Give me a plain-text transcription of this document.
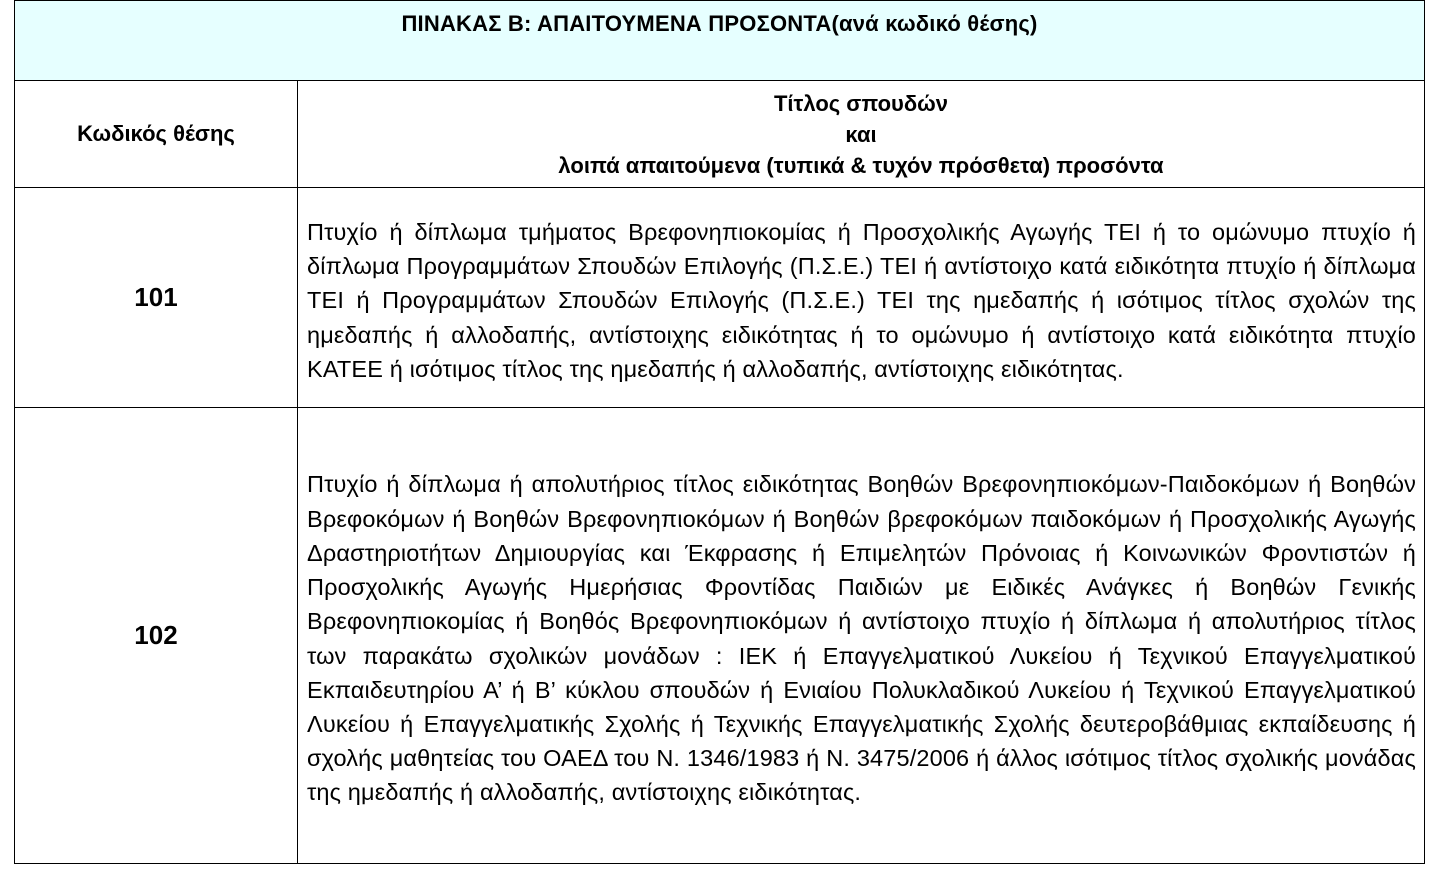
ΠΙΝΑΚΑΣ Β: ΑΠΑΙΤΟΥΜΕΝΑ ΠΡΟΣΟΝΤΑ(ανά κωδικό θέσης)	

Κωδικός θέσης	Τίτλος σπουδών
και
λοιπά απαιτούμενα (τυπικά & τυχόν πρόσθετα) προσόντα

101	Πτυχίο ή δίπλωμα τμήματος Βρεφονηπιοκομίας ή Προσχολικής Αγωγής ΤΕΙ ή το ομώνυμο πτυχίο ή δίπλωμα Προγραμμάτων Σπουδών Επιλογής (Π.Σ.Ε.) ΤΕΙ ή αντίστοιχο κατά ειδικότητα πτυχίο ή δίπλωμα ΤΕΙ ή Προγραμμάτων Σπουδών Επιλογής (Π.Σ.Ε.) ΤΕΙ της ημεδαπής ή ισότιμος τίτλος σχολών της ημεδαπής ή αλλοδαπής, αντίστοιχης ειδικότητας ή το ομώνυμο ή αντίστοιχο κατά ειδικότητα πτυχίο ΚΑΤΕΕ ή ισότιμος τίτλος της ημεδαπής ή αλλοδαπής, αντίστοιχης ειδικότητας.
102	Πτυχίο ή δίπλωμα ή απολυτήριος τίτλος ειδικότητας Βοηθών Βρεφονηπιοκόμων-Παιδοκόμων ή Βοηθών Βρεφοκόμων ή Βοηθών Βρεφονηπιοκόμων ή Βοηθών βρεφοκόμων παιδοκόμων ή Προσχολικής Αγωγής Δραστηριοτήτων Δημιουργίας και Έκφρασης ή Επιμελητών Πρόνοιας ή Κοινωνικών Φροντιστών ή Προσχολικής Αγωγής Ημερήσιας Φροντίδας Παιδιών με Ειδικές Ανάγκες ή Βοηθών Γενικής Βρεφονηπιοκομίας ή Βοηθός Βρεφονηπιοκόμων ή αντίστοιχο πτυχίο ή δίπλωμα ή απολυτήριος τίτλος των παρακάτω σχολικών μονάδων : ΙΕΚ ή Επαγγελματικού Λυκείου ή Τεχνικού Επαγγελματικού Εκπαιδευτηρίου Α’ ή Β’ κύκλου σπουδών ή Ενιαίου Πολυκλαδικού Λυκείου ή Τεχνικού Επαγγελματικού Λυκείου ή Επαγγελματικής Σχολής ή Τεχνικής Επαγγελματικής Σχολής δευτεροβάθμιας εκπαίδευσης ή σχολής μαθητείας του ΟΑΕΔ του Ν. 1346/1983 ή Ν. 3475/2006 ή άλλος ισότιμος τίτλος σχολικής μονάδας της ημεδαπής ή αλλοδαπής, αντίστοιχης ειδικότητας.
